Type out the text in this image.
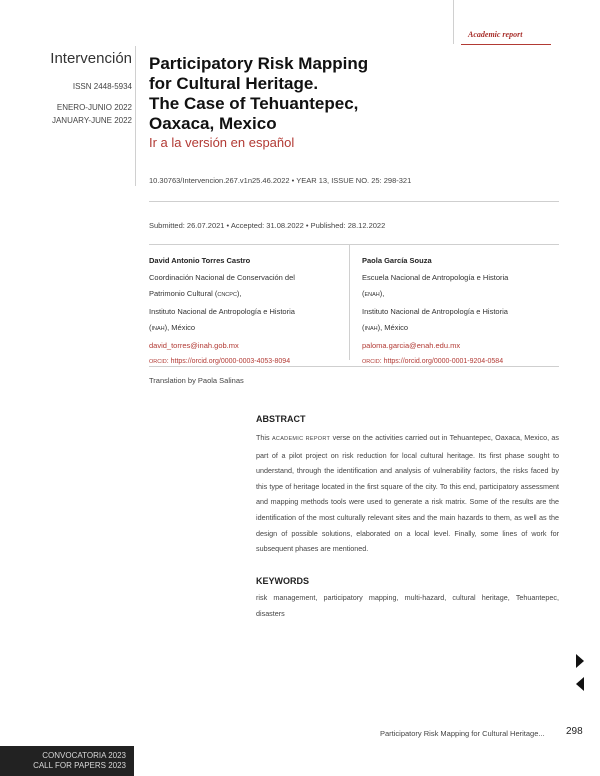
Academic report
Intervención
ISSN 2448-5934
ENERO-JUNIO 2022
JANUARY-JUNE 2022
Participatory Risk Mapping
for Cultural Heritage.
The Case of Tehuantepec,
Oaxaca, Mexico
Ir a la versión en español
10.30763/Intervencion.267.v1n25.46.2022 • YEAR 13, ISSUE NO. 25: 298-321
Submitted: 26.07.2021 • Accepted: 31.08.2022 • Published: 28.12.2022
David Antonio Torres Castro
Coordinación Nacional de Conservación del
Patrimonio Cultural (CNCPC),
Instituto Nacional de Antropología e Historia
(INAH), México
david_torres@inah.gob.mx
ORCID: https://orcid.org/0000-0003-4053-8094
Paola García Souza
Escuela Nacional de Antropología e Historia
(ENAH),
Instituto Nacional de Antropología e Historia
(INAH), México
paloma.garcia@enah.edu.mx
ORCID: https://orcid.org/0000-0001-9204-0584
Translation by Paola Salinas
ABSTRACT
This ACADEMIC REPORT verse on the activities carried out in Tehuantepec, Oaxaca, Mexico, as part of a pilot project on risk reduction for local cultural heritage. Its first phase sought to understand, through the identification and analysis of vulnerability factors, the risks faced by this type of heritage located in the first square of the city. To this end, participatory assessment and mapping methods tools were used to generate a risk matrix. Some of the results are the identification of the most culturally relevant sites and the main hazards to them, as well as the design of possible solutions, elaborated on a local level. Finally, some lines of work for subsequent phases are mentioned.
KEYWORDS
risk management, participatory mapping, multi-hazard, cultural heritage, Tehuantepec, disasters
Participatory Risk Mapping for Cultural Heritage... 298
CONVOCATORIA 2023
CALL FOR PAPERS 2023
